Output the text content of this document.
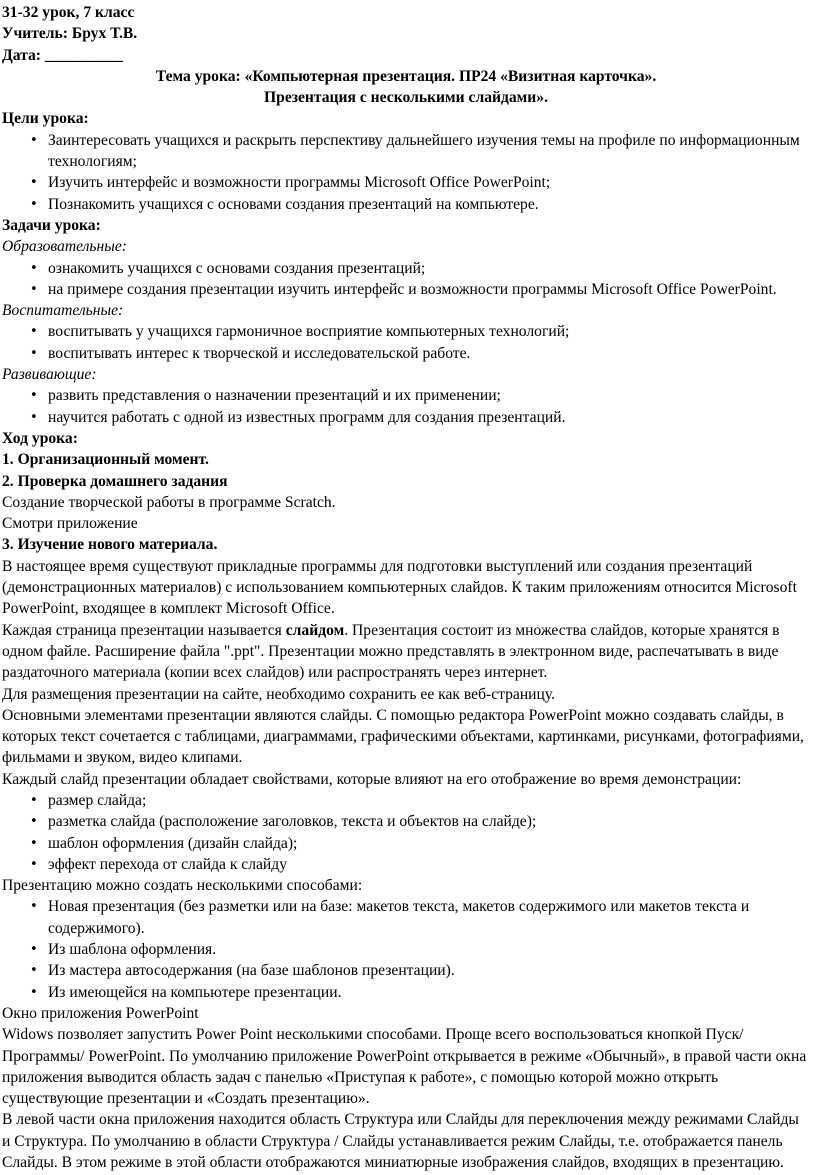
31-32 урок, 7 класс

Учитель: Брух Т.В.

Дата: __________

Тема урока: «Компьютерная презентация. ПР24 «Визитная карточка».

Презентация с несколькими слайдами».

Цели урока:

• Заинтересовать учащихся и раскрыть перспективу дальнейшего изучения темы на профиле по информационным технологиям;
• Изучить интерфейс и возможности программы Microsoft Office PowerPoint;
• Познакомить учащихся с основами создания презентаций на компьютере.

Задачи урока:

Образовательные:

• ознакомить учащихся с основами создания презентаций;
• на примере создания презентации изучить интерфейс и возможности программы Microsoft Office PowerPoint.

Воспитательные:

• воспитывать у учащихся гармоничное восприятие компьютерных технологий;
• воспитывать интерес к творческой и исследовательской работе.

Развивающие:

• развить представления о назначении презентаций и их применении;
• научится работать с одной из известных программ для создания презентаций.

Ход урока:

1. Организационный момент.

2. Проверка домашнего задания

Создание творческой работы в программе Scratch.

Смотри приложение

3. Изучение нового материала.

В настоящее время существуют прикладные программы для подготовки выступлений или создания презентаций (демонстрационных материалов) с использованием компьютерных слайдов. К таким приложениям относится Microsoft PowerPoint, входящее в комплект Microsoft Office.

Каждая страница презентации называется слайдом. Презентация состоит из множества слайдов, которые хранятся в одном файле. Расширение файла ".ppt". Презентации можно представлять в электронном виде, распечатывать в виде раздаточного материала (копии всех слайдов) или распространять через интернет.

Для размещения презентации на сайте, необходимо сохранить ее как веб-страницу.

Основными элементами презентации являются слайды. С помощью редактора PowerPoint можно создавать слайды, в которых текст сочетается с таблицами, диаграммами, графическими объектами, картинками, рисунками, фотографиями, фильмами и звуком, видео клипами.

Каждый слайд презентации обладает свойствами, которые влияют на его отображение во время демонстрации:

• размер слайда;
• разметка слайда (расположение заголовков, текста и объектов на слайде);
• шаблон оформления (дизайн слайда);
• эффект перехода от слайда к слайду

Презентацию можно создать несколькими способами:

• Новая презентация (без разметки или на базе: макетов текста, макетов содержимого или макетов текста и содержимого).
• Из шаблона оформления.
• Из мастера автосодержания (на базе шаблонов презентации).
• Из имеющейся на компьютере презентации.

Окно приложения PowerPoint

Widows позволяет запустить Power Point несколькими способами. Проще всего воспользоваться кнопкой Пуск/Программы/ PowerPoint. По умолчанию приложение PowerPoint открывается в режиме «Обычный», в правой части окна приложения выводится область задач с панелью «Приступая к работе», с помощью которой можно открыть существующие презентации и «Создать презентацию».

В левой части окна приложения находится область Структура или Слайды для переключения между режимами Слайды и Структура. По умолчанию в области Структура / Слайды устанавливается режим Слайды, т.е. отображается панель Слайды. В этом режиме в этой области отображаются миниатюрные изображения слайдов, входящих в презентацию.
